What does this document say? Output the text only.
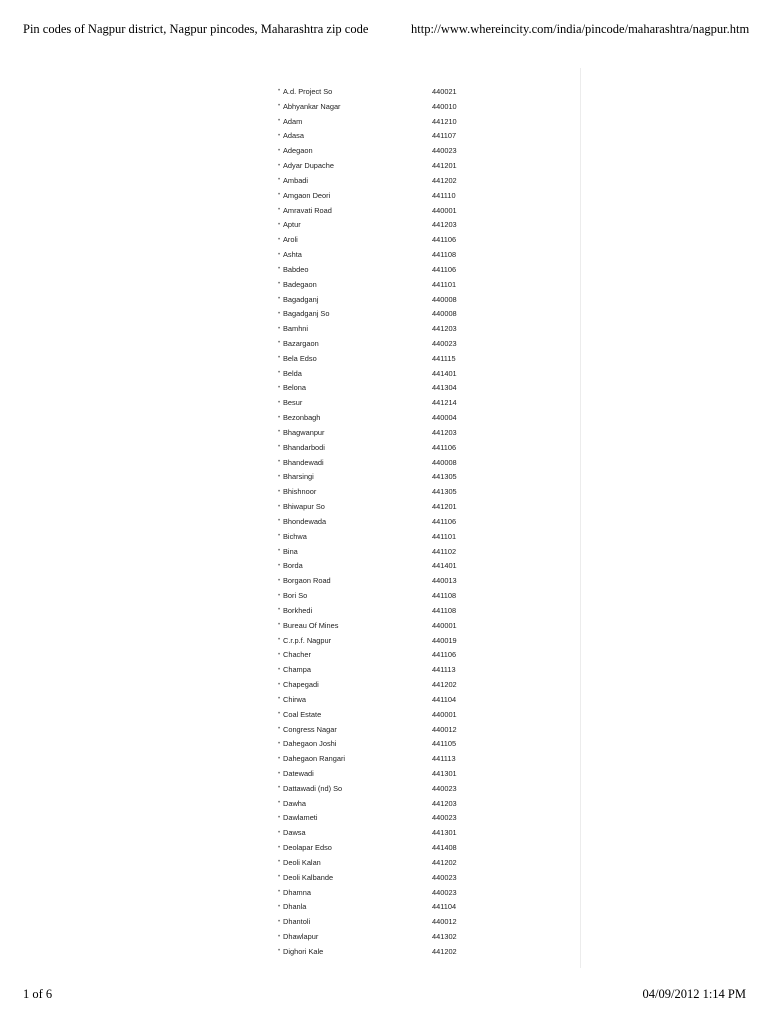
Pin codes of Nagpur district, Nagpur pincodes, Maharashtra zip code	http://www.whereincity.com/india/pincode/maharashtra/nagpur.htm
• A.d. Project So	440021
• Abhyankar Nagar	440010
• Adam	441210
• Adasa	441107
• Adegaon	440023
• Adyar Dupache	441201
• Ambadi	441202
• Amgaon Deori	441110
• Amravati Road	440001
• Aptur	441203
• Aroli	441106
• Ashta	441108
• Babdeo	441106
• Badegaon	441101
• Bagadganj	440008
• Bagadganj So	440008
• Bamhni	441203
• Bazargaon	440023
• Bela Edso	441115
• Belda	441401
• Belona	441304
• Besur	441214
• Bezonbagh	440004
• Bhagwanpur	441203
• Bhandarbodi	441106
• Bhandewadi	440008
• Bharsingi	441305
• Bhishnoor	441305
• Bhiwapur So	441201
• Bhondewada	441106
• Bichwa	441101
• Bina	441102
• Borda	441401
• Borgaon Road	440013
• Bori So	441108
• Borkhedi	441108
• Bureau Of Mines	440001
• C.r.p.f. Nagpur	440019
• Chacher	441106
• Champa	441113
• Chapegadi	441202
• Chirwa	441104
• Coal Estate	440001
• Congress Nagar	440012
• Dahegaon Joshi	441105
• Dahegaon Rangari	441113
• Datewadi	441301
• Dattawadi (nd) So	440023
• Dawha	441203
• Dawlameti	440023
• Dawsa	441301
• Deolapar Edso	441408
• Deoli Kalan	441202
• Deoli Kalbande	440023
• Dhamna	440023
• Dhanla	441104
• Dhantoli	440012
• Dhawlapur	441302
• Dighori Kale	441202
1 of 6	04/09/2012 1:14 PM
